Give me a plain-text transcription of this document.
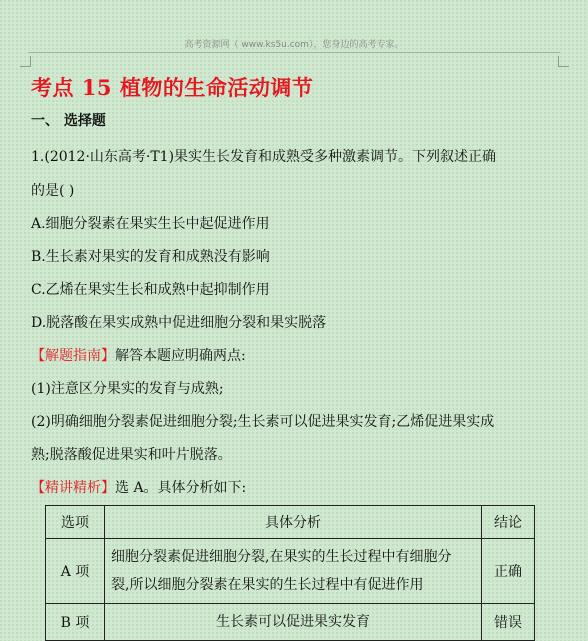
高考资源网（ www.ks5u.com），您身边的高考专家。
考点 15 植物的生命活动调节
一、 选择题
1.(2012·山东高考·T1)果实生长发育和成熟受多种激素调节。下列叙述正确
的是( )
A.细胞分裂素在果实生长中起促进作用
B.生长素对果实的发育和成熟没有影响
C.乙烯在果实生长和成熟中起抑制作用
D.脱落酸在果实成熟中促进细胞分裂和果实脱落
【解题指南】解答本题应明确两点:
(1)注意区分果实的发育与成熟;
(2)明确细胞分裂素促进细胞分裂;生长素可以促进果实发育;乙烯促进果实成
熟;脱落酸促进果实和叶片脱落。
【精讲精析】选 A。具体分析如下:
选项	具体分析	结论
A 项	细胞分裂素促进细胞分裂,在果实的生长过程中有细胞分
裂,所以细胞分裂素在果实的生长过程中有促进作用	正确
B 项	生长素可以促进果实发育	错误
